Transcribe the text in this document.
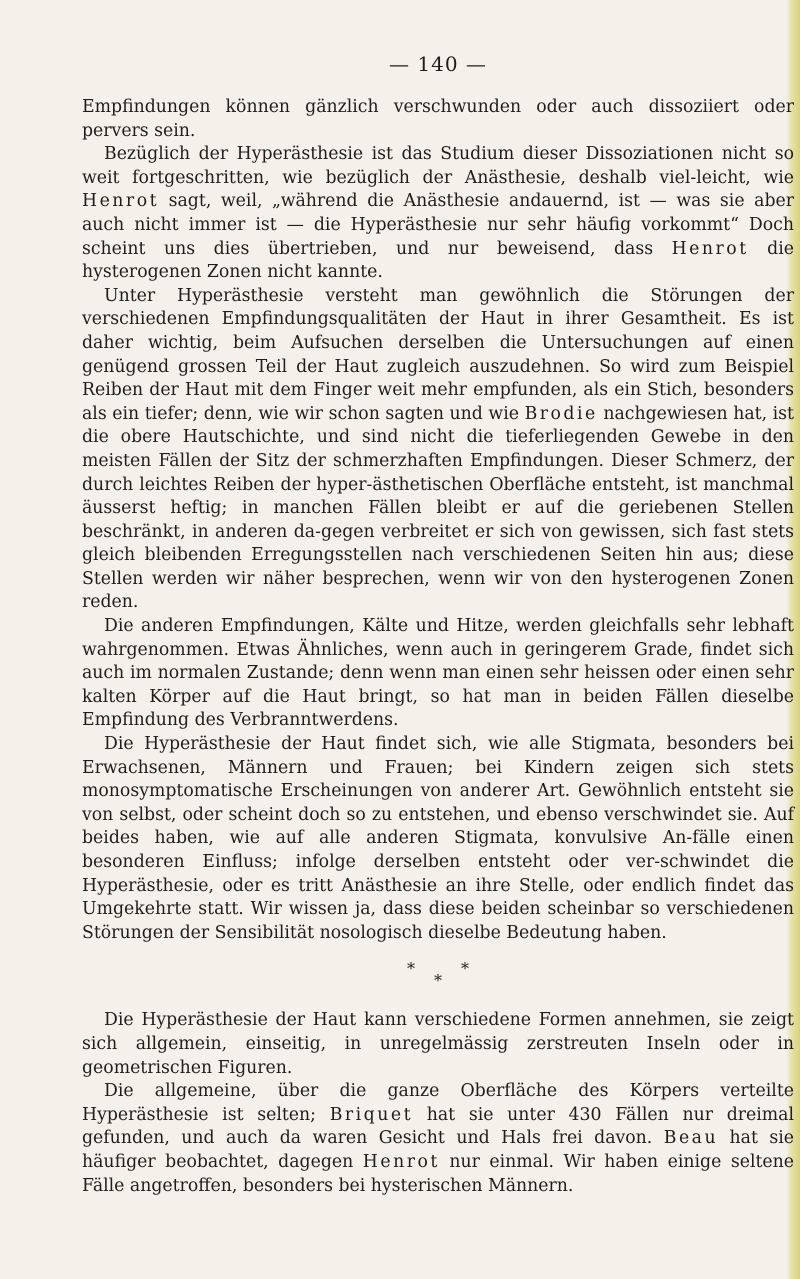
— 140 —

Empfindungen können gänzlich verschwunden oder auch dissoziiert oder pervers sein.

Bezüglich der Hyperästhesie ist das Studium dieser Dissoziationen nicht so weit fortgeschritten, wie bezüglich der Anästhesie, deshalb viel-leicht, wie Henrot sagt, weil, „während die Anästhesie andauernd, ist — was sie aber auch nicht immer ist — die Hyperästhesie nur sehr häufig vorkommt“ Doch scheint uns dies übertrieben, und nur beweisend, dass Henrot die hysterogenen Zonen nicht kannte.

Unter Hyperästhesie versteht man gewöhnlich die Störungen der verschiedenen Empfindungsqualitäten der Haut in ihrer Gesamtheit. Es ist daher wichtig, beim Aufsuchen derselben die Untersuchungen auf einen genügend grossen Teil der Haut zugleich auszudehnen. So wird zum Beispiel Reiben der Haut mit dem Finger weit mehr empfunden, als ein Stich, besonders als ein tiefer; denn, wie wir schon sagten und wie Brodie nachgewiesen hat, ist die obere Hautschichte, und sind nicht die tieferliegenden Gewebe in den meisten Fällen der Sitz der schmerzhaften Empfindungen. Dieser Schmerz, der durch leichtes Reiben der hyper-ästhetischen Oberfläche entsteht, ist manchmal äusserst heftig; in manchen Fällen bleibt er auf die geriebenen Stellen beschränkt, in anderen da-gegen verbreitet er sich von gewissen, sich fast stets gleich bleibenden Erregungsstellen nach verschiedenen Seiten hin aus; diese Stellen werden wir näher besprechen, wenn wir von den hysterogenen Zonen reden.

Die anderen Empfindungen, Kälte und Hitze, werden gleichfalls sehr lebhaft wahrgenommen. Etwas Ähnliches, wenn auch in geringerem Grade, findet sich auch im normalen Zustande; denn wenn man einen sehr heissen oder einen sehr kalten Körper auf die Haut bringt, so hat man in beiden Fällen dieselbe Empfindung des Verbranntwerdens.

Die Hyperästhesie der Haut findet sich, wie alle Stigmata, besonders bei Erwachsenen, Männern und Frauen; bei Kindern zeigen sich stets monosymptomatische Erscheinungen von anderer Art. Gewöhnlich entsteht sie von selbst, oder scheint doch so zu entstehen, und ebenso verschwindet sie. Auf beides haben, wie auf alle anderen Stigmata, konvulsive An-fälle einen besonderen Einfluss; infolge derselben entsteht oder ver-schwindet die Hyperästhesie, oder es tritt Anästhesie an ihre Stelle, oder endlich findet das Umgekehrte statt. Wir wissen ja, dass diese beiden scheinbar so verschiedenen Störungen der Sensibilität nosologisch dieselbe Bedeutung haben.

*	*
*

Die Hyperästhesie der Haut kann verschiedene Formen annehmen, sie zeigt sich allgemein, einseitig, in unregelmässig zerstreuten Inseln oder in geometrischen Figuren.

Die allgemeine, über die ganze Oberfläche des Körpers verteilte Hyperästhesie ist selten; Briquet hat sie unter 430 Fällen nur dreimal gefunden, und auch da waren Gesicht und Hals frei davon. Beau hat sie häufiger beobachtet, dagegen Henrot nur einmal. Wir haben einige seltene Fälle angetroffen, besonders bei hysterischen Männern.
